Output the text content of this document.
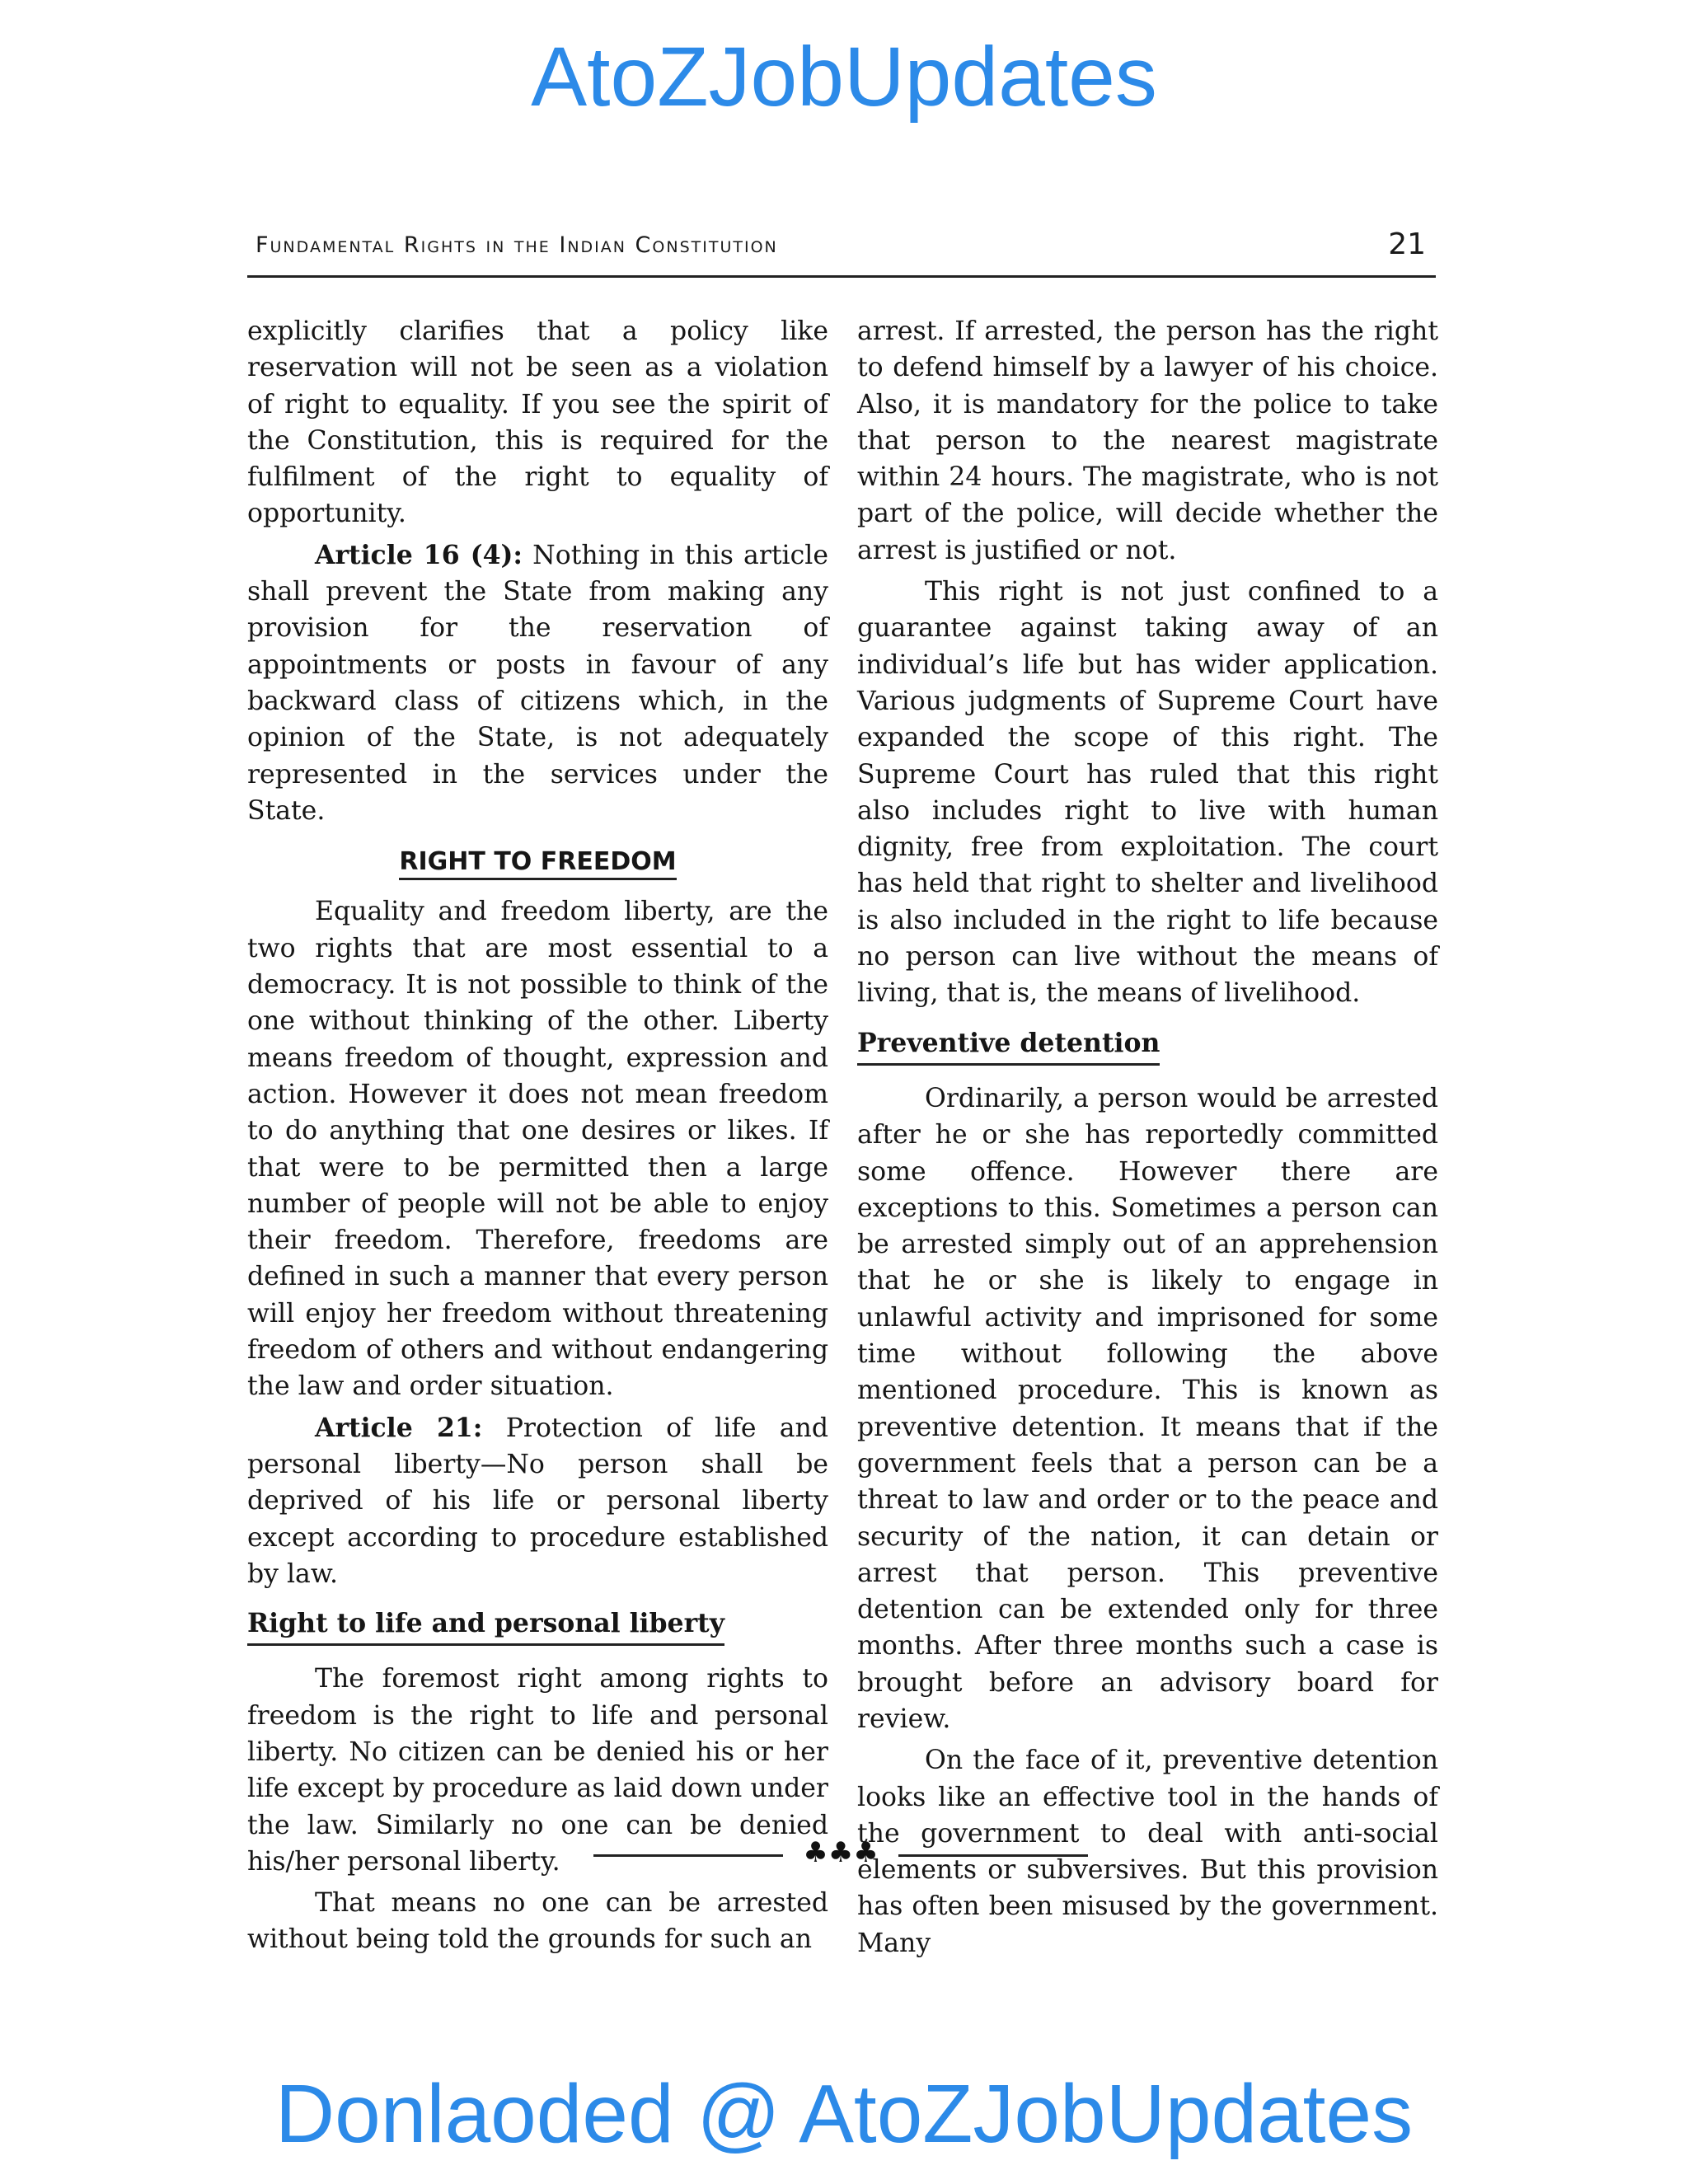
AtoZJobUpdates
Fundamental Rights in the Indian Constitution	21

explicitly clarifies that a policy like reservation will not be seen as a violation of right to equality. If you see the spirit of the Constitution, this is required for the fulfilment of the right to equality of opportunity.

Article 16 (4): Nothing in this article shall prevent the State from making any provision for the reservation of appointments or posts in favour of any backward class of citizens which, in the opinion of the State, is not adequately represented in the services under the State.

RIGHT TO FREEDOM

Equality and freedom liberty, are the two rights that are most essential to a democracy. It is not possible to think of the one without thinking of the other. Liberty means freedom of thought, expression and action. However it does not mean freedom to do anything that one desires or likes. If that were to be permitted then a large number of people will not be able to enjoy their freedom. Therefore, freedoms are defined in such a manner that every person will enjoy her freedom without threatening freedom of others and without endangering the law and order situation.

Article 21: Protection of life and personal liberty—No person shall be deprived of his life or personal liberty except according to procedure established by law.

Right to life and personal liberty

The foremost right among rights to freedom is the right to life and personal liberty. No citizen can be denied his or her life except by procedure as laid down under the law. Similarly no one can be denied his/her personal liberty.

That means no one can be arrested without being told the grounds for such an

arrest. If arrested, the person has the right to defend himself by a lawyer of his choice. Also, it is mandatory for the police to take that person to the nearest magistrate within 24 hours. The magistrate, who is not part of the police, will decide whether the arrest is justified or not.

This right is not just confined to a guarantee against taking away of an individual’s life but has wider application. Various judgments of Supreme Court have expanded the scope of this right. The Supreme Court has ruled that this right also includes right to live with human dignity, free from exploitation. The court has held that right to shelter and livelihood is also included in the right to life because no person can live without the means of living, that is, the means of livelihood.

Preventive detention

Ordinarily, a person would be arrested after he or she has reportedly committed some offence. However there are exceptions to this. Sometimes a person can be arrested simply out of an apprehension that he or she is likely to engage in unlawful activity and imprisoned for some time without following the above mentioned procedure. This is known as preventive detention. It means that if the government feels that a person can be a threat to law and order or to the peace and security of the nation, it can detain or arrest that person. This preventive detention can be extended only for three months. After three months such a case is brought before an advisory board for review.

On the face of it, preventive detention looks like an effective tool in the hands of the government to deal with anti-social elements or subversives. But this provision has often been misused by the government. Many

♣♣♣
Donlaoded @ AtoZJobUpdates
